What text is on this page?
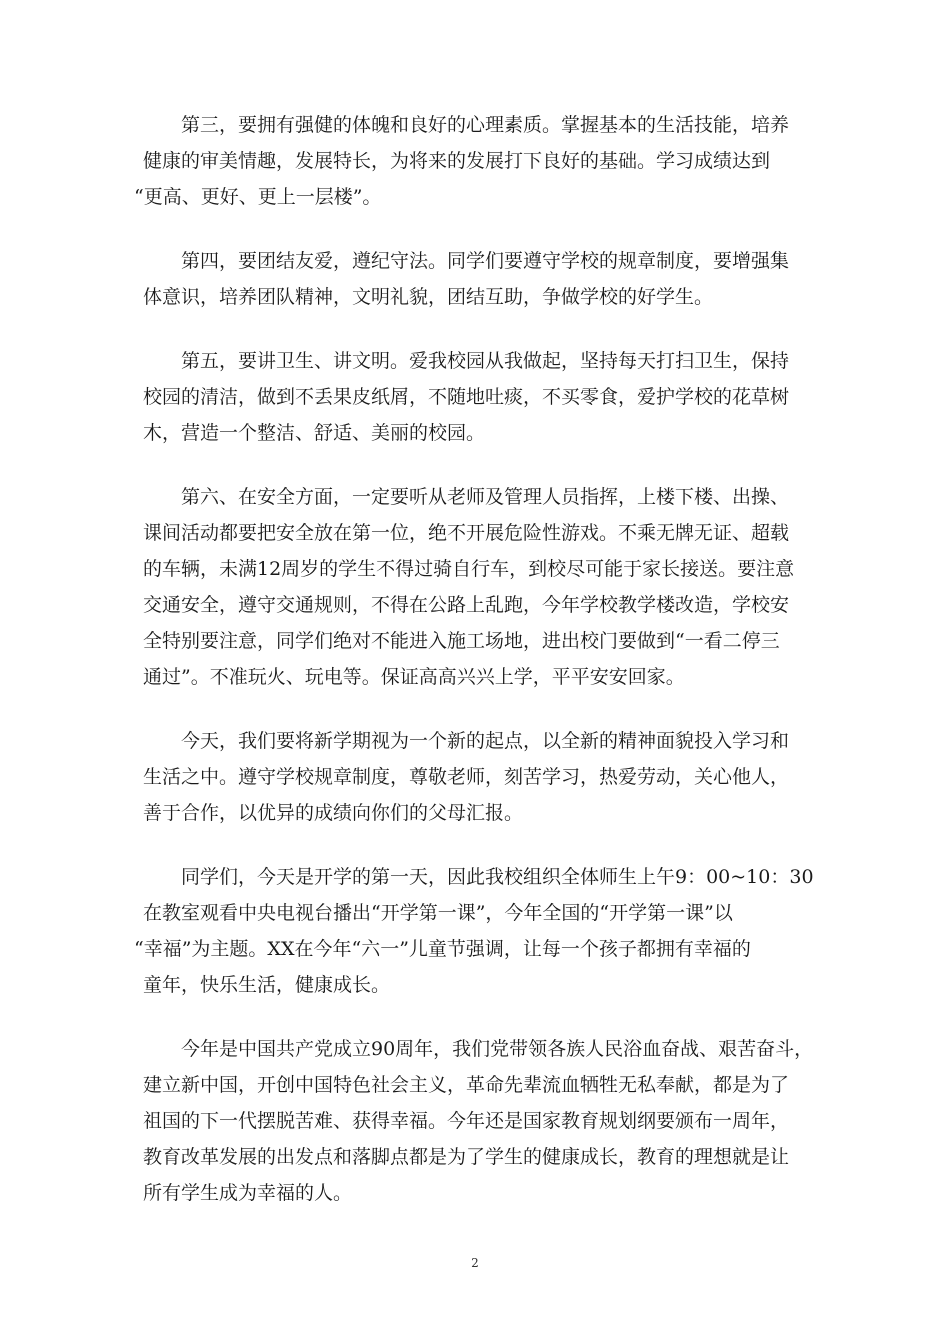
第三，要拥有强健的体魄和良好的心理素质。掌握基本的生活技能，培养
健康的审美情趣，发展特长，为将来的发展打下良好的基础。学习成绩达到
“更高、更好、更上一层楼”。

第四，要团结友爱，遵纪守法。同学们要遵守学校的规章制度，要增强集
体意识，培养团队精神，文明礼貌，团结互助，争做学校的好学生。

第五，要讲卫生、讲文明。爱我校园从我做起，坚持每天打扫卫生，保持
校园的清洁，做到不丢果皮纸屑，不随地吐痰，不买零食，爱护学校的花草树
木，营造一个整洁、舒适、美丽的校园。

第六、在安全方面，一定要听从老师及管理人员指挥，上楼下楼、出操、
课间活动都要把安全放在第一位，绝不开展危险性游戏。不乘无牌无证、超载
的车辆，未满12周岁的学生不得过骑自行车，到校尽可能于家长接送。要注意
交通安全，遵守交通规则，不得在公路上乱跑，今年学校教学楼改造，学校安
全特别要注意，同学们绝对不能进入施工场地，进出校门要做到“一看二停三
通过”。不准玩火、玩电等。保证高高兴兴上学，平平安安回家。

今天，我们要将新学期视为一个新的起点，以全新的精神面貌投入学习和
生活之中。遵守学校规章制度，尊敬老师，刻苦学习，热爱劳动，关心他人，
善于合作，以优异的成绩向你们的父母汇报。

同学们，今天是开学的第一天，因此我校组织全体师生上午9：00~10：30
在教室观看中央电视台播出“开学第一课”，今年全国的“开学第一课”以
“幸福”为主题。XX在今年“六一”儿童节强调，让每一个孩子都拥有幸福的
童年，快乐生活，健康成长。

今年是中国共产党成立90周年，我们党带领各族人民浴血奋战、艰苦奋斗，
建立新中国，开创中国特色社会主义，革命先辈流血牺牲无私奉献，都是为了
祖国的下一代摆脱苦难、获得幸福。今年还是国家教育规划纲要颁布一周年，
教育改革发展的出发点和落脚点都是为了学生的健康成长，教育的理想就是让
所有学生成为幸福的人。

2
